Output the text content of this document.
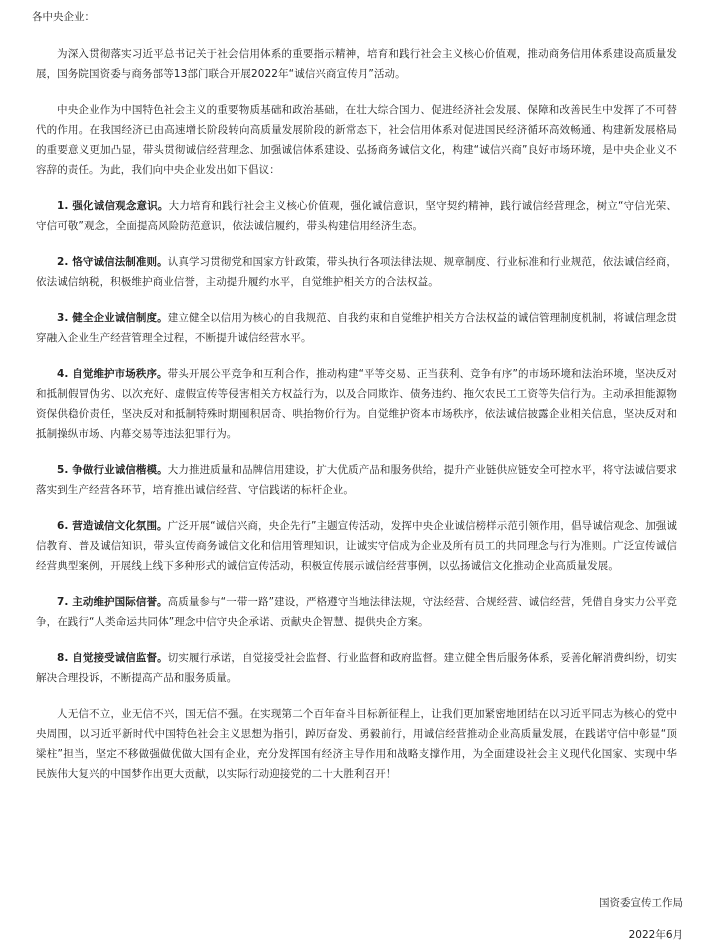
各中央企业：

为深入贯彻落实习近平总书记关于社会信用体系的重要指示精神，培育和践行社会主义核心价值观，推动商务信用体系建设高质量发展，国务院国资委与商务部等13部门联合开展2022年“诚信兴商宣传月”活动。

中央企业作为中国特色社会主义的重要物质基础和政治基础，在壮大综合国力、促进经济社会发展、保障和改善民生中发挥了不可替代的作用。在我国经济已由高速增长阶段转向高质量发展阶段的新常态下，社会信用体系对促进国民经济循环高效畅通、构建新发展格局的重要意义更加凸显，带头贯彻诚信经营理念、加强诚信体系建设、弘扬商务诚信文化，构建“诚信兴商”良好市场环境，是中央企业义不容辞的责任。为此，我们向中央企业发出如下倡议：

1. 强化诚信观念意识。大力培育和践行社会主义核心价值观，强化诚信意识，坚守契约精神，践行诚信经营理念，树立“守信光荣、守信可敬”观念，全面提高风险防范意识，依法诚信履约，带头构建信用经济生态。

2. 恪守诚信法制准则。认真学习贯彻党和国家方针政策，带头执行各项法律法规、规章制度、行业标准和行业规范，依法诚信经商，依法诚信纳税，积极维护商业信誉，主动提升履约水平，自觉维护相关方的合法权益。

3. 健全企业诚信制度。建立健全以信用为核心的自我规范、自我约束和自觉维护相关方合法权益的诚信管理制度机制，将诚信理念贯穿融入企业生产经营管理全过程，不断提升诚信经营水平。

4. 自觉维护市场秩序。带头开展公平竞争和互利合作，推动构建“平等交易、正当获利、竞争有序”的市场环境和法治环境，坚决反对和抵制假冒伪劣、以次充好、虚假宣传等侵害相关方权益行为，以及合同欺诈、债务违约、拖欠农民工工资等失信行为。主动承担能源物资保供稳价责任，坚决反对和抵制特殊时期囤积居奇、哄抬物价行为。自觉维护资本市场秩序，依法诚信披露企业相关信息，坚决反对和抵制操纵市场、内幕交易等违法犯罪行为。

5. 争做行业诚信楷模。大力推进质量和品牌信用建设，扩大优质产品和服务供给，提升产业链供应链安全可控水平，将守法诚信要求落实到生产经营各环节，培育推出诚信经营、守信践诺的标杆企业。

6. 营造诚信文化氛围。广泛开展“诚信兴商，央企先行”主题宣传活动，发挥中央企业诚信榜样示范引领作用，倡导诚信观念、加强诚信教育、普及诚信知识，带头宣传商务诚信文化和信用管理知识，让诚实守信成为企业及所有员工的共同理念与行为准则。广泛宣传诚信经营典型案例，开展线上线下多种形式的诚信宣传活动，积极宣传展示诚信经营事例，以弘扬诚信文化推动企业高质量发展。

7. 主动维护国际信誉。高质量参与“一带一路”建设，严格遵守当地法律法规，守法经营、合规经营、诚信经营，凭借自身实力公平竞争，在践行“人类命运共同体”理念中信守央企承诺、贡献央企智慧、提供央企方案。

8. 自觉接受诚信监督。切实履行承诺，自觉接受社会监督、行业监督和政府监督。建立健全售后服务体系，妥善化解消费纠纷，切实解决合理投诉，不断提高产品和服务质量。

人无信不立，业无信不兴，国无信不强。在实现第二个百年奋斗目标新征程上，让我们更加紧密地团结在以习近平同志为核心的党中央周围，以习近平新时代中国特色社会主义思想为指引，踔厉奋发、勇毅前行，用诚信经营推动企业高质量发展，在践诺守信中彰显“顶梁柱”担当，坚定不移做强做优做大国有企业，充分发挥国有经济主导作用和战略支撑作用，为全面建设社会主义现代化国家、实现中华民族伟大复兴的中国梦作出更大贡献，以实际行动迎接党的二十大胜利召开！

国资委宣传工作局
2022年6月
